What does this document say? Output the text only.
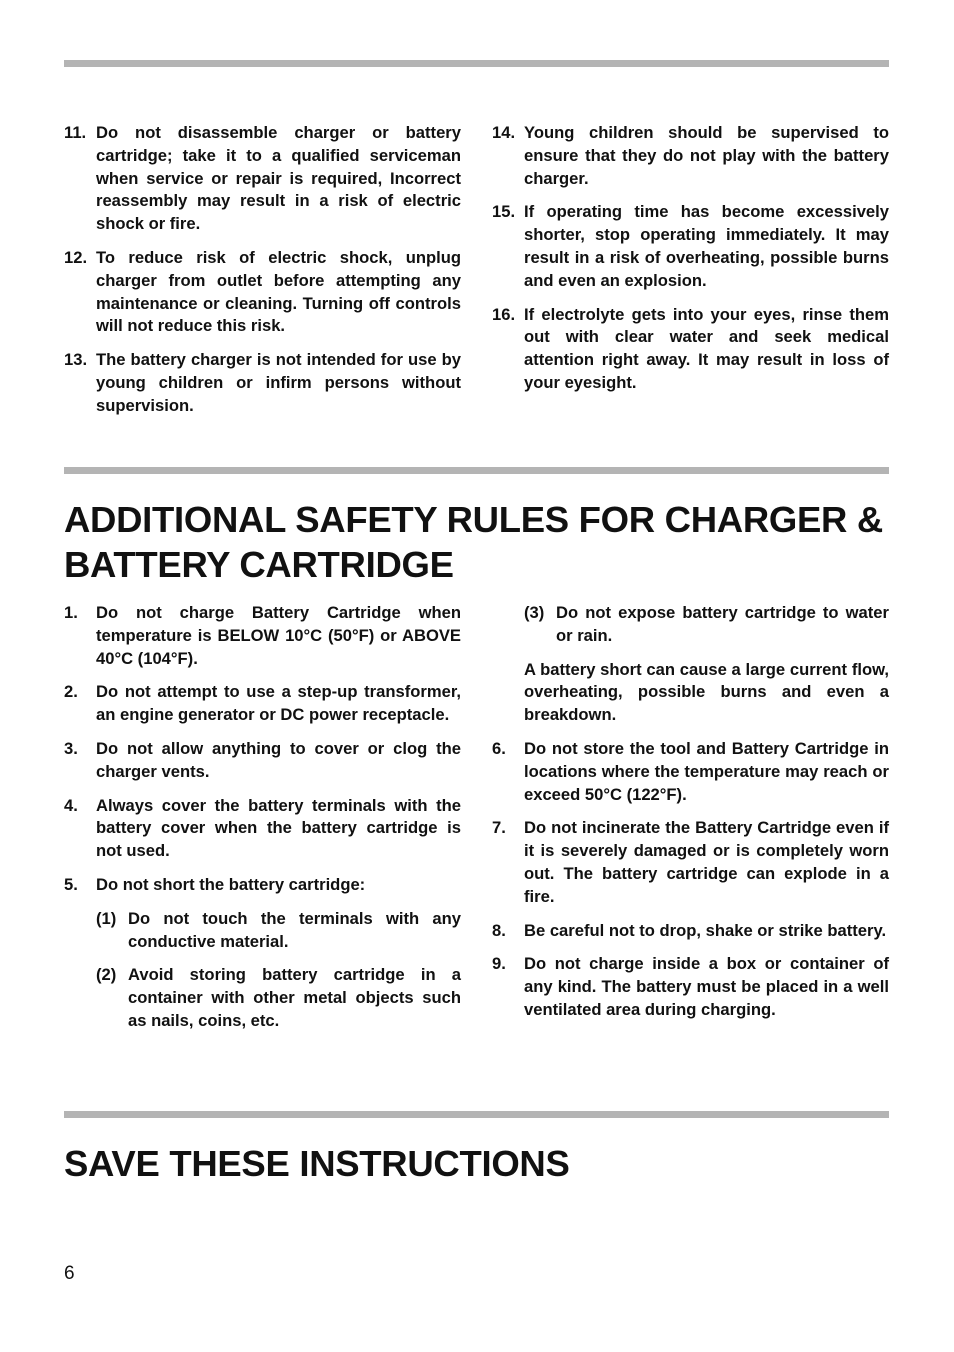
11. Do not disassemble charger or battery cartridge; take it to a qualified serviceman when service or repair is required, Incorrect reassembly may result in a risk of electric shock or fire.
12. To reduce risk of electric shock, unplug charger from outlet before attempting any maintenance or cleaning. Turning off controls will not reduce this risk.
13. The battery charger is not intended for use by young children or infirm persons without supervision.
14. Young children should be supervised to ensure that they do not play with the battery charger.
15. If operating time has become excessively shorter, stop operating immediately. It may result in a risk of overheating, possible burns and even an explosion.
16. If electrolyte gets into your eyes, rinse them out with clear water and seek medical attention right away. It may result in loss of your eyesight.
ADDITIONAL SAFETY RULES FOR CHARGER &
BATTERY CARTRIDGE
1.	Do not charge Battery Cartridge when temperature is BELOW 10°C (50°F) or ABOVE 40°C (104°F).
2.	Do not attempt to use a step-up transformer, an engine generator or DC power receptacle.
3.	Do not allow anything to cover or clog the charger vents.
4.	Always cover the battery terminals with the battery cover when the battery cartridge is not used.
5.	Do not short the battery cartridge:
(1) Do not touch the terminals with any conductive material.
(2) Avoid storing battery cartridge in a container with other metal objects such as nails, coins, etc.
(3) Do not expose battery cartridge to water or rain.
A battery short can cause a large current flow, overheating, possible burns and even a breakdown.
6.	Do not store the tool and Battery Cartridge in locations where the temperature may reach or exceed 50°C (122°F).
7.	Do not incinerate the Battery Cartridge even if it is severely damaged or is completely worn out. The battery cartridge can explode in a fire.
8.	Be careful not to drop, shake or strike battery.
9.	Do not charge inside a box or container of any kind. The battery must be placed in a well ventilated area during charging.
SAVE THESE INSTRUCTIONS
6
